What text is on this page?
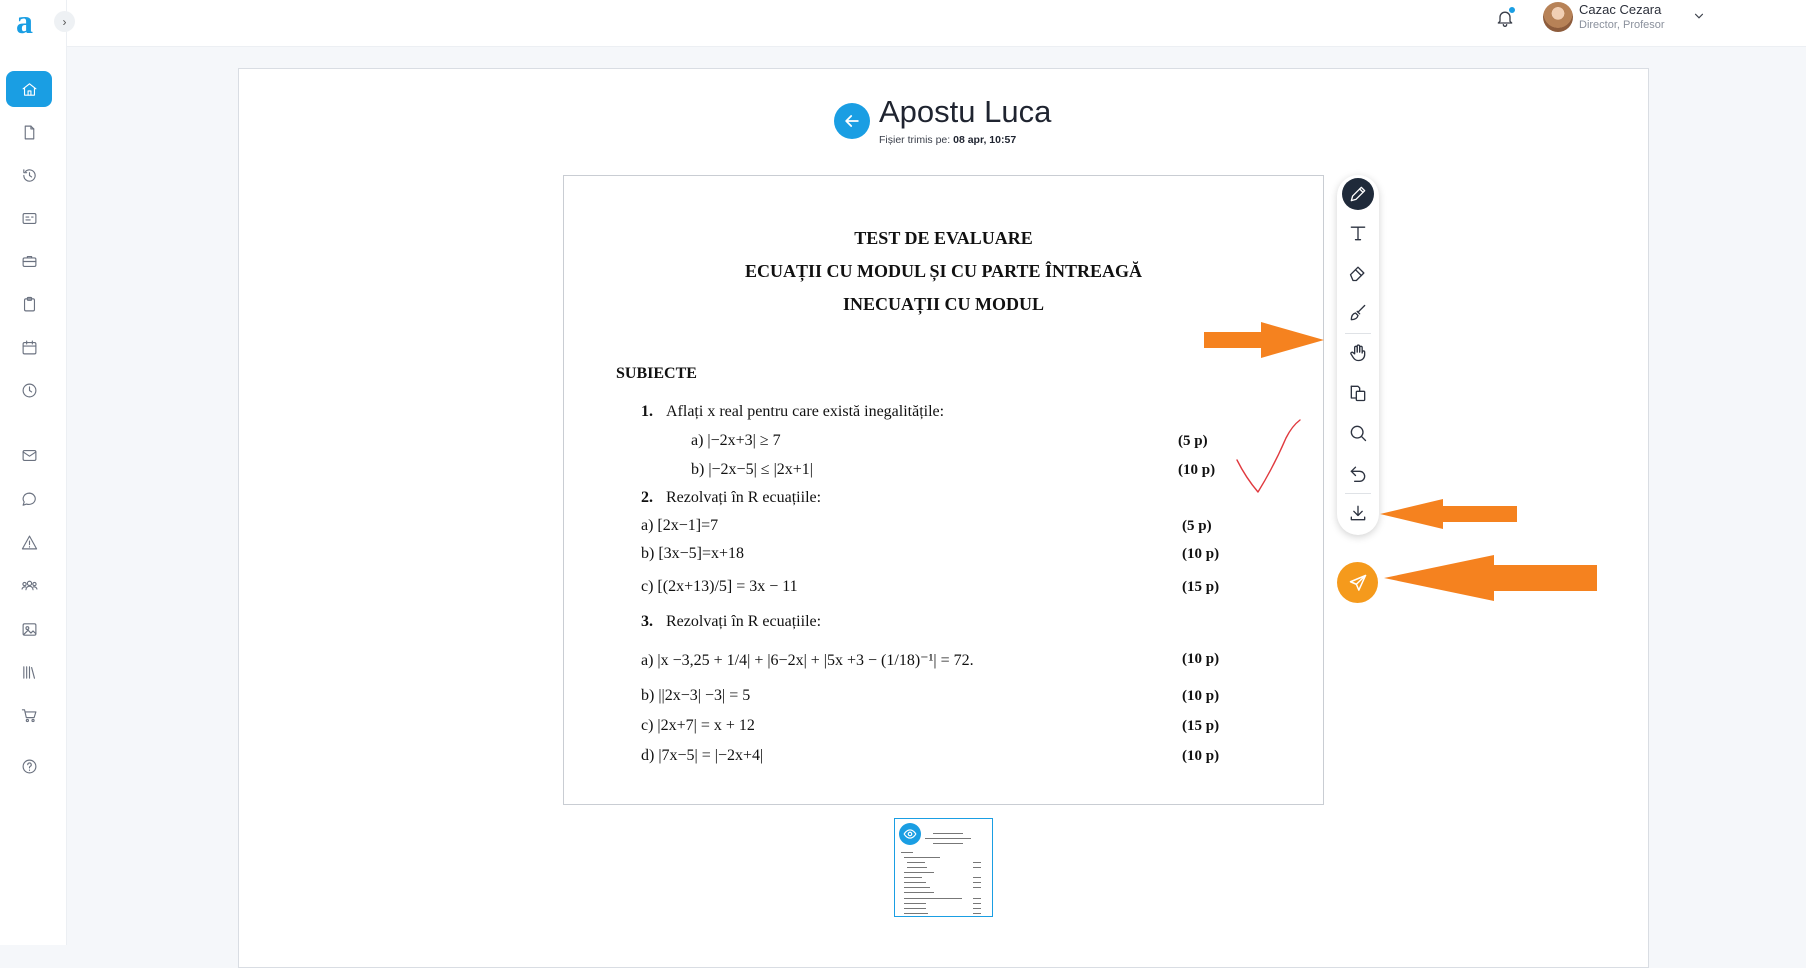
a	›
Cazac Cezara
Director, Profesor
Apostu Luca
Fișier trimis pe: 08 apr, 10:57
TEST DE EVALUARE
ECUAȚII CU MODUL ȘI CU PARTE ÎNTREAGĂ
INECUAȚII CU MODUL
SUBIECTE
1. Aflați x real pentru care există inegalitățile:
a) |−2x+3| ≥ 7	(5 p)
b) |−2x−5| ≤ |2x+1|	(10 p)
2. Rezolvați în R ecuațiile:
a) [2x−1]=7	(5 p)
b) [3x−5]=x+18	(10 p)
c) [(2x+13)/5] = 3x − 11	(15 p)
3. Rezolvați în R ecuațiile:
a) |x −3,25 + 1/4| + |6−2x| + |5x +3 − (1/18)⁻¹| = 72.	(10 p)
b) ||2x−3| −3| = 5	(10 p)
c) |2x+7| = x + 12	(15 p)
d) |7x−5| = |−2x+4|	(10 p)
